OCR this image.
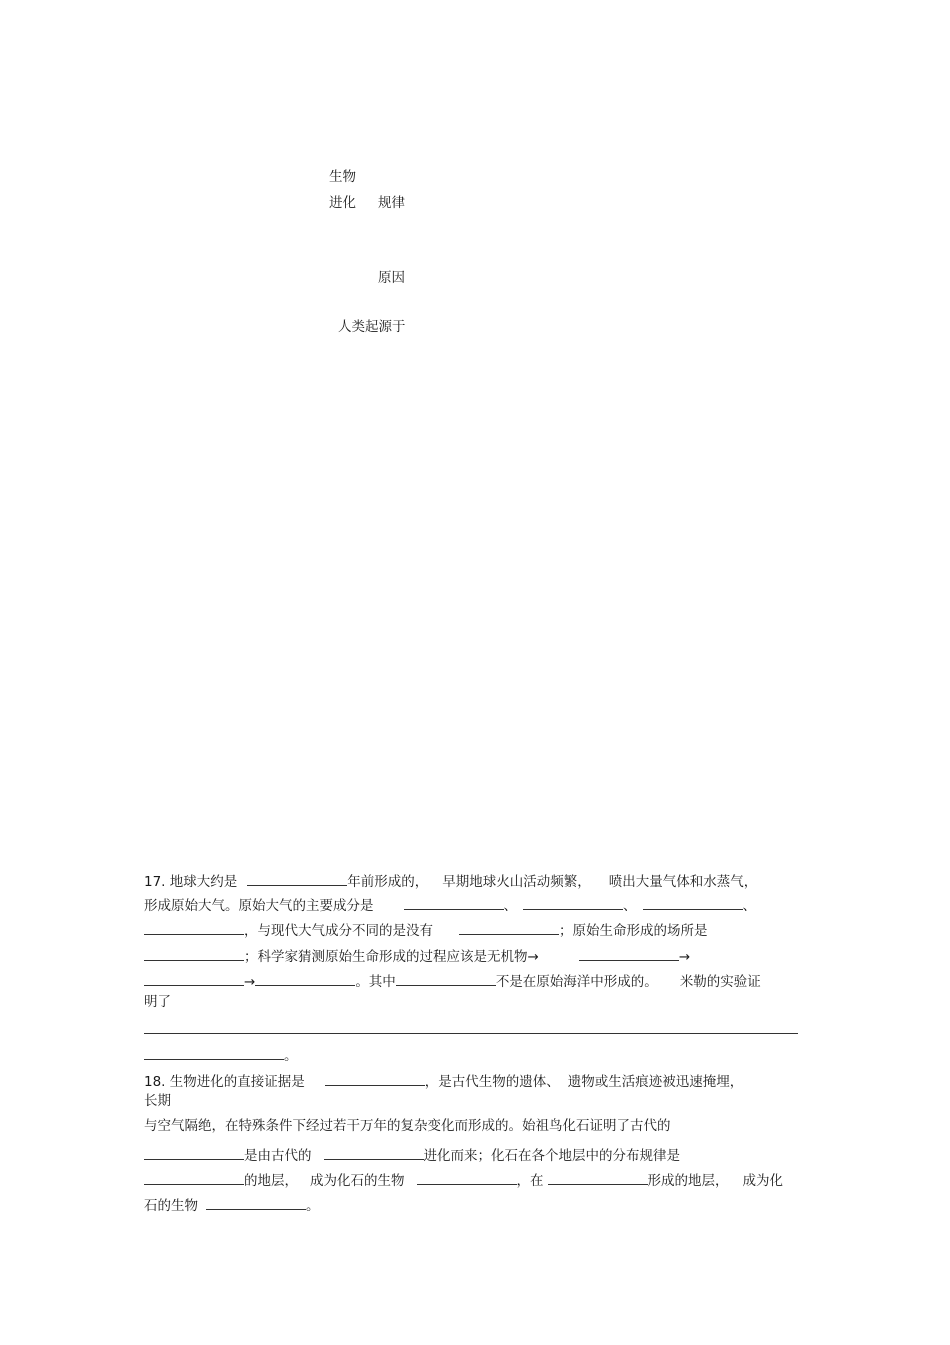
生物
进化 规律
原因
人类起源于
17. 地球大约是	年前形成的， 早期地球火山活动频繁， 喷出大量气体和水蒸气，
形成原始大气。原始大气的主要成分是	、	、	、
，与现代大气成分不同的是没有	；原始生命形成的场所是
；科学家猜测原始生命形成的过程应该是无机物→	→
→	。其中	不是在原始海洋中形成的。 米勒的实验证
明了
。
18. 生物进化的直接证据是	，是古代生物的遗体、 遗物或生活痕迹被迅速掩埋，
长期
与空气隔绝，在特殊条件下经过若干万年的复杂变化而形成的。始祖鸟化石证明了古代的
是由古代的	进化而来；化石在各个地层中的分布规律是
的地层， 成为化石的生物	，在	形成的地层， 成为化
石的生物	。
